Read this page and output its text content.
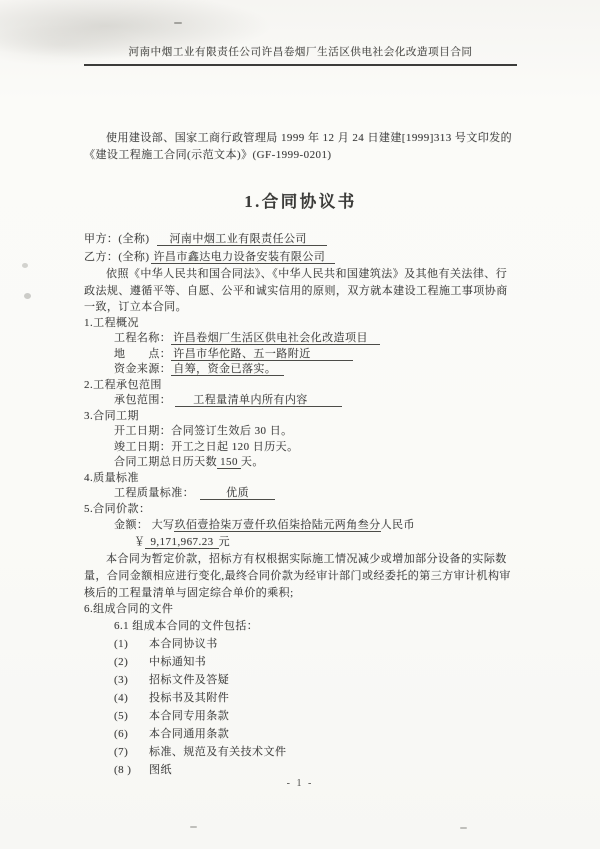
河南中烟工业有限责任公司许昌卷烟厂生活区供电社会化改造项目合同

使用建设部、国家工商行政管理局 1999 年 12 月 24 日建建[1999]313 号文印发的《建设工程施工合同(示范文本)》(GF-1999-0201)

1.合同协议书
甲方：(全称) 河南中烟工业有限责任公司
乙方：(全称) 许昌市鑫达电力设备安装有限公司

依照《中华人民共和国合同法》、《中华人民共和国建筑法》及其他有关法律、行政法规、遵循平等、自愿、公平和诚实信用的原则，双方就本建设工程施工事项协商一致，订立本合同。

1.工程概况
工程名称： 许昌卷烟厂生活区供电社会化改造项目
地　　点： 许昌市华佗路、五一路附近
资金来源： 自筹，资金已落实。
2.工程承包范围
承包范围： 工程量清单内所有内容
3.合同工期
开工日期：合同签订生效后 30 日。
竣工日期：开工之日起 120 日历天。
合同工期总日历天数 150 天。
4.质量标准
工程质量标准：	优质
5.合同价款：
金额： 大写玖佰壹拾柒万壹仟玖佰柒拾陆元两角叁分人民币
￥ 9,171,967.23 元

本合同为暂定价款，招标方有权根据实际施工情况减少或增加部分设备的实际数量，合同金额相应进行变化,最终合同价款为经审计部门或经委托的第三方审计机构审核后的工程量清单与固定综合单价的乘积;

6.组成合同的文件
6.1 组成本合同的文件包括：
(1) 本合同协议书
(2) 中标通知书
(3) 招标文件及答疑
(4) 投标书及其附件
(5) 本合同专用条款
(6) 本合同通用条款
(7) 标准、规范及有关技术文件
(8 ) 图纸
- 1 -
